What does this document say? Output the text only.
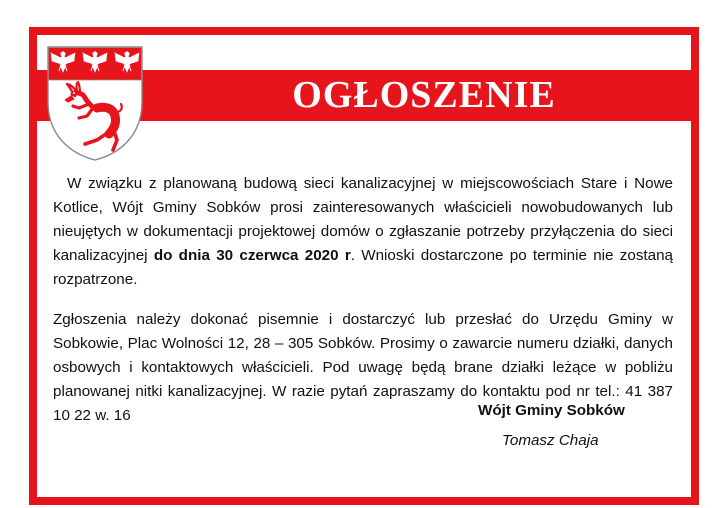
OGŁOSZENIE

W związku z planowaną budową sieci kanalizacyjnej w miejscowościach Stare i Nowe Kotlice, Wójt Gminy Sobków prosi zainteresowanych właścicieli nowobudowanych lub nieujętych w dokumentacji projektowej domów o zgłaszanie potrzeby przyłączenia do sieci kanalizacyjnej do dnia 30 czerwca 2020 r. Wnioski dostarczone po terminie nie zostaną rozpatrzone.

Zgłoszenia należy dokonać pisemnie i dostarczyć lub przesłać do Urzędu Gminy w Sobkowie, Plac Wolności 12, 28 – 305 Sobków. Prosimy o zawarcie numeru działki, danych osbowych i kontaktowych właścicieli. Pod uwagę będą brane działki leżące w pobliżu planowanej nitki kanalizacyjnej. W razie pytań zapraszamy do kontaktu pod nr tel.: 41 387 10 22 w. 16	Wójt Gminy Sobków
Tomasz Chaja
